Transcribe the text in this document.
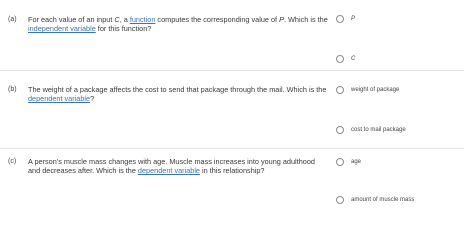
(a) For each value of an input C, a function computes the corresponding value of P. Which is the independent variable for this function?
P
C
(b) The weight of a package affects the cost to send that package through the mail. Which is the dependent variable?
weight of package
cost to mail package
(c) A person's muscle mass changes with age. Muscle mass increases into young adulthood and decreases after. Which is the dependent variable in this relationship?
age
amount of muscle mass
